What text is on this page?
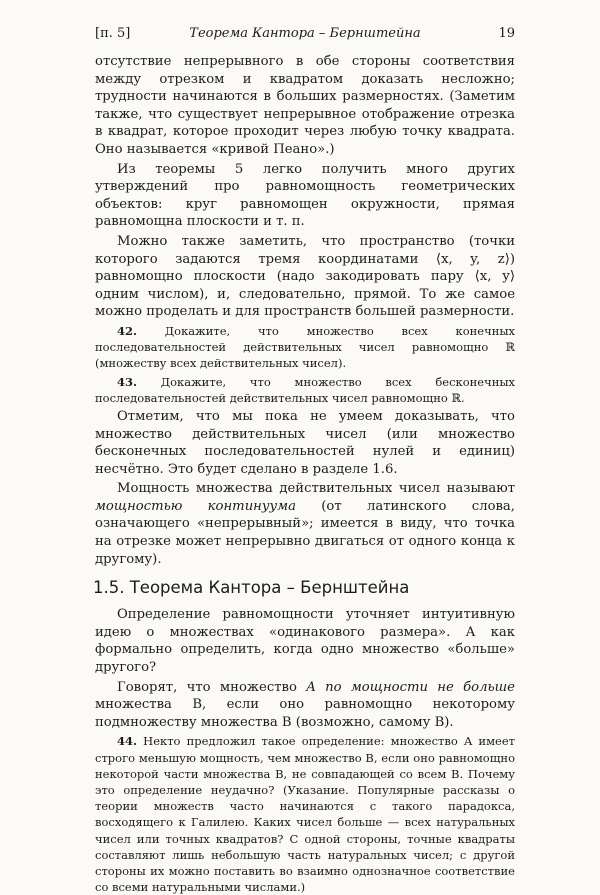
[п. 5]	Теорема Кантора – Бернштейна	19

отсутствие непрерывного в обе стороны соответствия между отрезком и квадратом доказать несложно; трудности начинаются в больших размерностях. (Заметим также, что существует непрерывное отображение отрезка в квадрат, которое проходит через любую точку квадрата. Оно называется «кривой Пеано».)

Из теоремы 5 легко получить много других утверждений про равномощность геометрических объектов: круг равномощен окружности, прямая равномощна плоскости и т. п.

Можно также заметить, что пространство (точки которого задаются тремя координатами ⟨x, y, z⟩) равномощно плоскости (надо закодировать пару ⟨x, y⟩ одним числом), и, следовательно, прямой. То же самое можно проделать и для пространств большей размерности.

42. Докажите, что множество всех конечных последовательностей действительных чисел равномощно ℝ (множеству всех действительных чисел).

43. Докажите, что множество всех бесконечных последовательностей действительных чисел равномощно ℝ.

Отметим, что мы пока не умеем доказывать, что множество действительных чисел (или множество бесконечных последовательностей нулей и единиц) несчётно. Это будет сделано в разделе 1.6.

Мощность множества действительных чисел называют мощностью континуума (от латинского слова, означающего «непрерывный»; имеется в виду, что точка на отрезке может непрерывно двигаться от одного конца к другому).

1.5. Теорема Кантора – Бернштейна

Определение равномощности уточняет интуитивную идею о множествах «одинакового размера». А как формально определить, когда одно множество «больше» другого?

Говорят, что множество A по мощности не больше множества B, если оно равномощно некоторому подмножеству множества B (возможно, самому B).

44. Некто предложил такое определение: множество A имеет строго меньшую мощность, чем множество B, если оно равномощно некоторой части множества B, не совпадающей со всем B. Почему это определение неудачно? (Указание. Популярные рассказы о теории множеств часто начинаются с такого парадокса, восходящего к Галилею. Каких чисел больше — всех натуральных чисел или точных квадратов? С одной стороны, точные квадраты составляют лишь небольшую часть натуральных чисел; с другой стороны их можно поставить во взаимно однозначное соответствие со всеми натуральными числами.)
